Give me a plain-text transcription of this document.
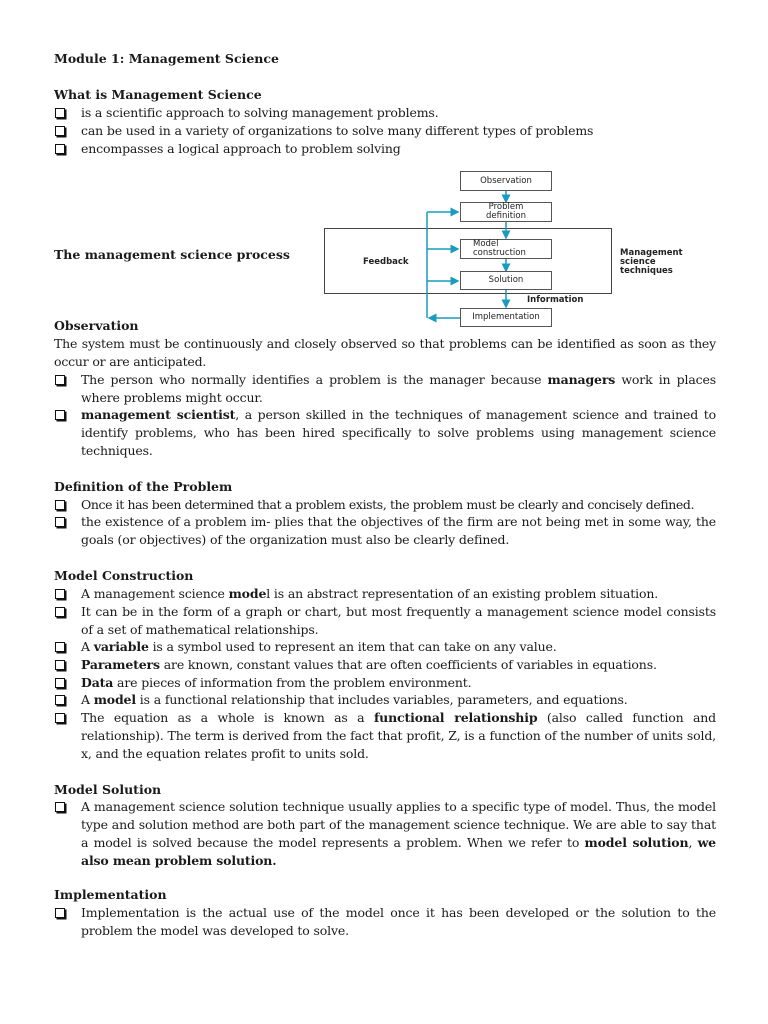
Module 1: Management Science
What is Management Science
is a scientific approach to solving management problems.
can be used in a variety of organizations to solve many different types of problems
encompasses a logical approach to problem solving
The management science process
Observation
Problem
definition
Model
construction
Solution
Implementation
Feedback
Information
Management
science
techniques
Observation
The system must be continuously and closely observed so that problems can be identified as soon as they occur or are anticipated.
The person who normally identifies a problem is the manager because managers work in places where problems might occur.
management scientist, a person skilled in the techniques of management science and trained to identify problems, who has been hired specifically to solve problems using management science techniques.
Definition of the Problem
Once it has been determined that a problem exists, the problem must be clearly and concisely defined.
the existence of a problem im- plies that the objectives of the firm are not being met in some way, the goals (or objectives) of the organization must also be clearly defined.
Model Construction
A management science model is an abstract representation of an existing problem situation.
It can be in the form of a graph or chart, but most frequently a management science model consists of a set of mathematical relationships.
A variable is a symbol used to represent an item that can take on any value.
Parameters are known, constant values that are often coefficients of variables in equations.
Data are pieces of information from the problem environment.
A model is a functional relationship that includes variables, parameters, and equations.
The equation as a whole is known as a functional relationship (also called function and relationship). The term is derived from the fact that profit, Z, is a function of the number of units sold, x, and the equation relates profit to units sold.
Model Solution
A management science solution technique usually applies to a specific type of model. Thus, the model type and solution method are both part of the management science technique. We are able to say that a model is solved because the model represents a problem. When we refer to model solution, we also mean problem solution.
Implementation
Implementation is the actual use of the model once it has been developed or the solution to the problem the model was developed to solve.
